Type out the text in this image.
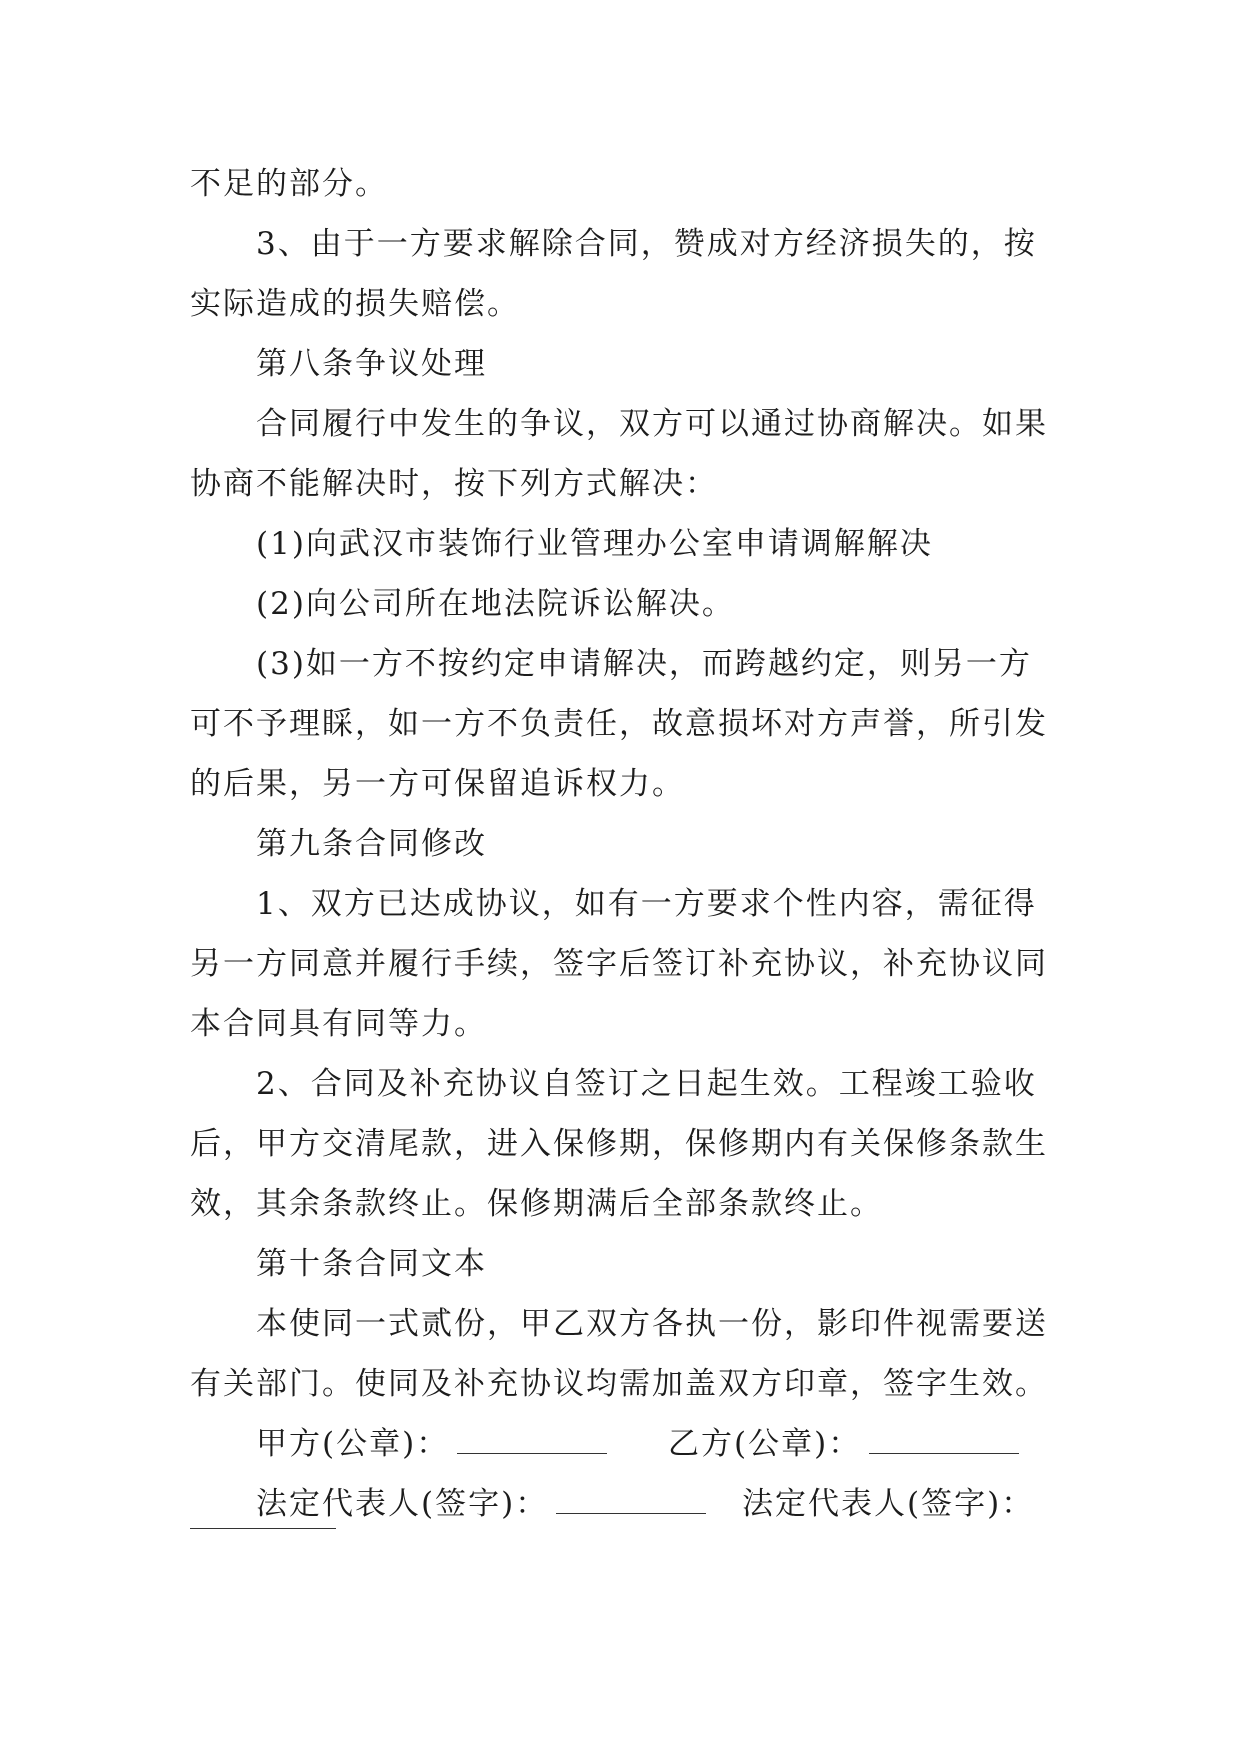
不足的部分。

3、由于一方要求解除合同，赞成对方经济损失的，按

实际造成的损失赔偿。

第八条争议处理

合同履行中发生的争议，双方可以通过协商解决。如果

协商不能解决时，按下列方式解决：

(1)向武汉市装饰行业管理办公室申请调解解决

(2)向公司所在地法院诉讼解决。

(3)如一方不按约定申请解决，而跨越约定，则另一方

可不予理睬，如一方不负责任，故意损坏对方声誉，所引发

的后果，另一方可保留追诉权力。

第九条合同修改

1、双方已达成协议，如有一方要求个性内容，需征得

另一方同意并履行手续，签字后签订补充协议，补充协议同

本合同具有同等力。

2、合同及补充协议自签订之日起生效。工程竣工验收

后，甲方交清尾款，进入保修期，保修期内有关保修条款生

效，其余条款终止。保修期满后全部条款终止。

第十条合同文本

本使同一式贰份，甲乙双方各执一份，影印件视需要送

有关部门。使同及补充协议均需加盖双方印章，签字生效。

甲方(公章)：	乙方(公章)：

法定代表人(签字)：	法定代表人(签字)：
